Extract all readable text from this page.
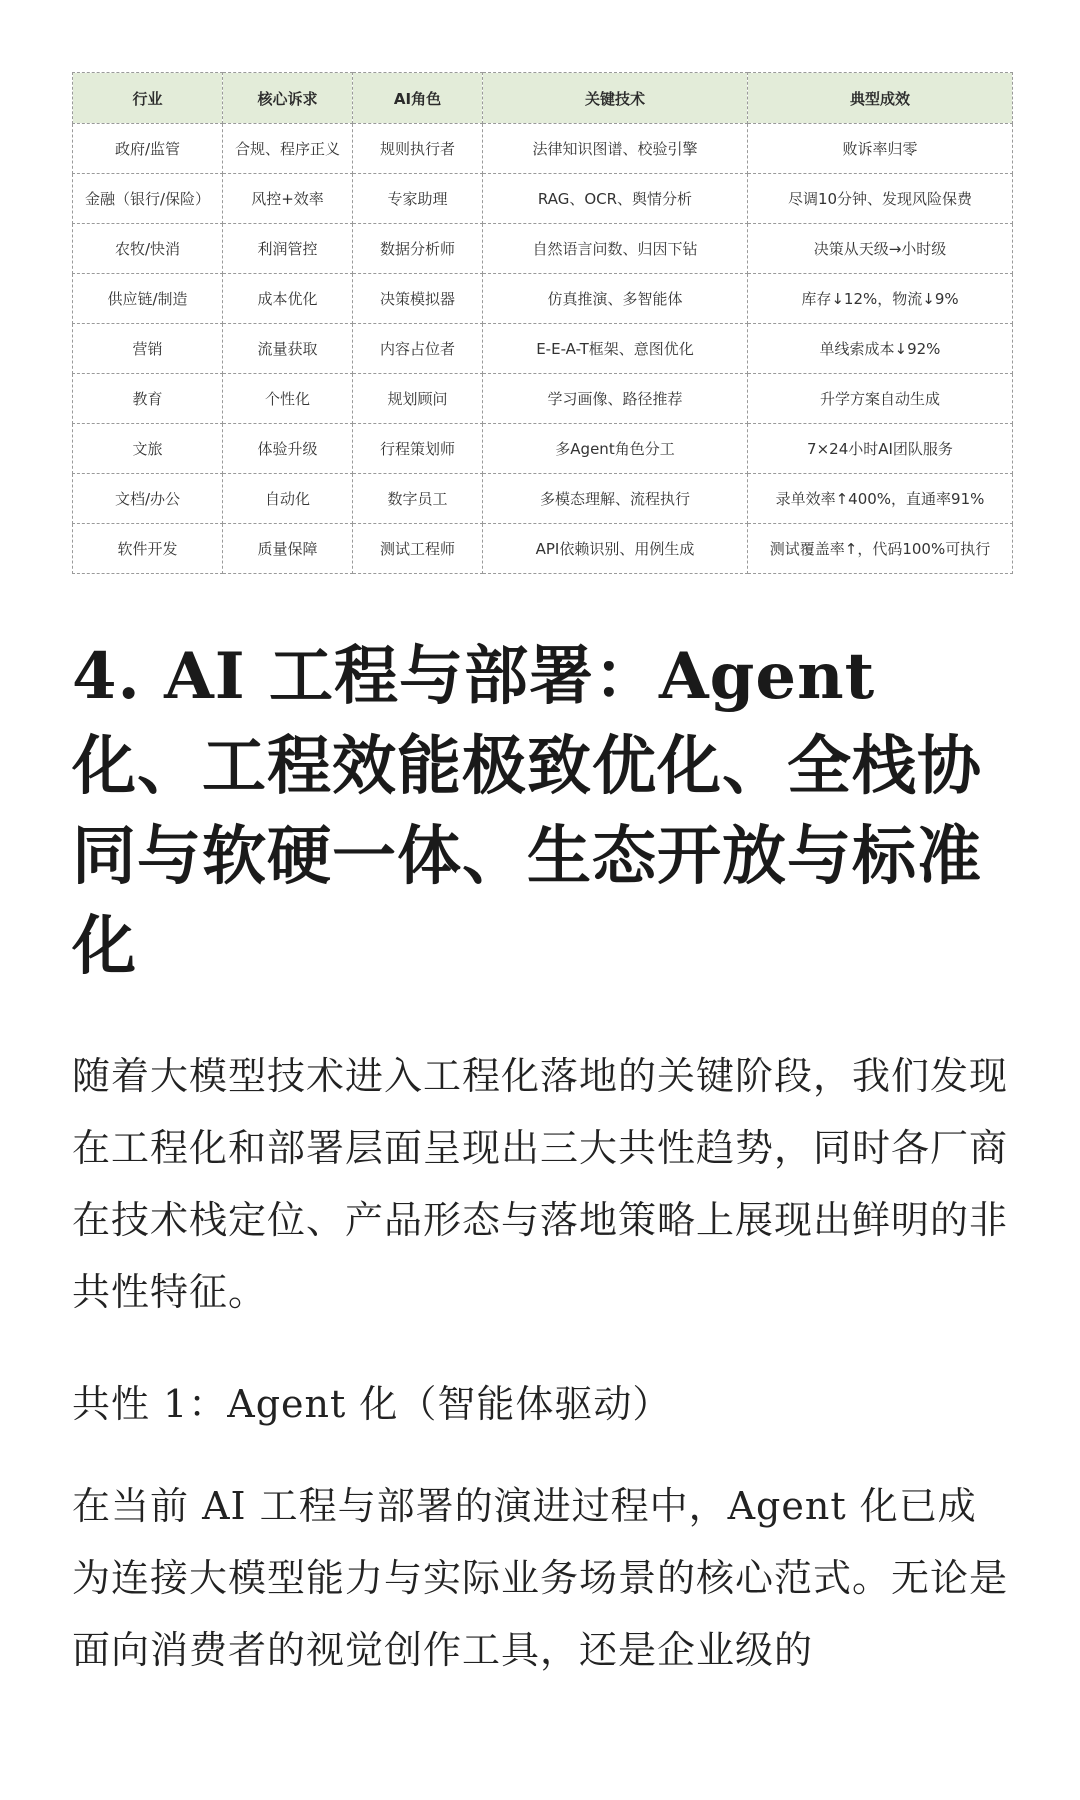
行业	核心诉求	AI角色	关键技术	典型成效
政府/监管	合规、程序正义	规则执行者	法律知识图谱、校验引擎	败诉率归零
金融（银行/保险）	风控+效率	专家助理	RAG、OCR、舆情分析	尽调10分钟、发现风险保费
农牧/快消	利润管控	数据分析师	自然语言问数、归因下钻	决策从天级→小时级
供应链/制造	成本优化	决策模拟器	仿真推演、多智能体	库存↓12%，物流↓9%
营销	流量获取	内容占位者	E-E-A-T框架、意图优化	单线索成本↓92%
教育	个性化	规划顾问	学习画像、路径推荐	升学方案自动生成
文旅	体验升级	行程策划师	多Agent角色分工	7×24小时AI团队服务
文档/办公	自动化	数字员工	多模态理解、流程执行	录单效率↑400%，直通率91%
软件开发	质量保障	测试工程师	API依赖识别、用例生成	测试覆盖率↑，代码100%可执行
4. AI 工程与部署：Agent 化、工程效能极致优化、全栈协同与软硬一体、生态开放与标准化

随着大模型技术进入工程化落地的关键阶段，我们发现在工程化和部署层面呈现出三大共性趋势，同时各厂商在技术栈定位、产品形态与落地策略上展现出鲜明的非共性特征。

共性 1：Agent 化（智能体驱动）

在当前 AI 工程与部署的演进过程中，Agent 化已成为连接大模型能力与实际业务场景的核心范式。无论是面向消费者的视觉创作工具，还是企业级的
